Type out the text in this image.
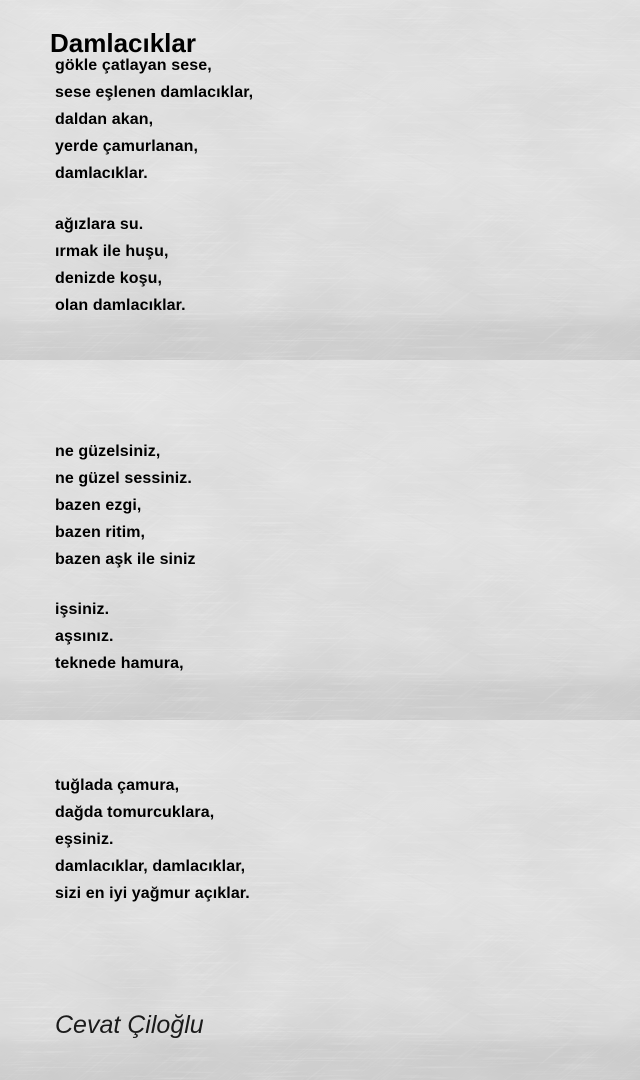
Damlacıklar
gökle çatlayan sese,
sese eşlenen damlacıklar,
daldan akan,
yerde çamurlanan,
damlacıklar.
ağızlara su.
ırmak ile huşu,
denizde koşu,
olan damlacıklar.
ne güzelsiniz,
ne güzel sessiniz.
bazen ezgi,
bazen ritim,
bazen aşk ile siniz
işsiniz.
aşsınız.
teknede hamura,
tuğlada çamura,
dağda tomurcuklara,
eşsiniz.
damlacıklar, damlacıklar,
sizi en iyi yağmur açıklar.
Cevat Çiloğlu
